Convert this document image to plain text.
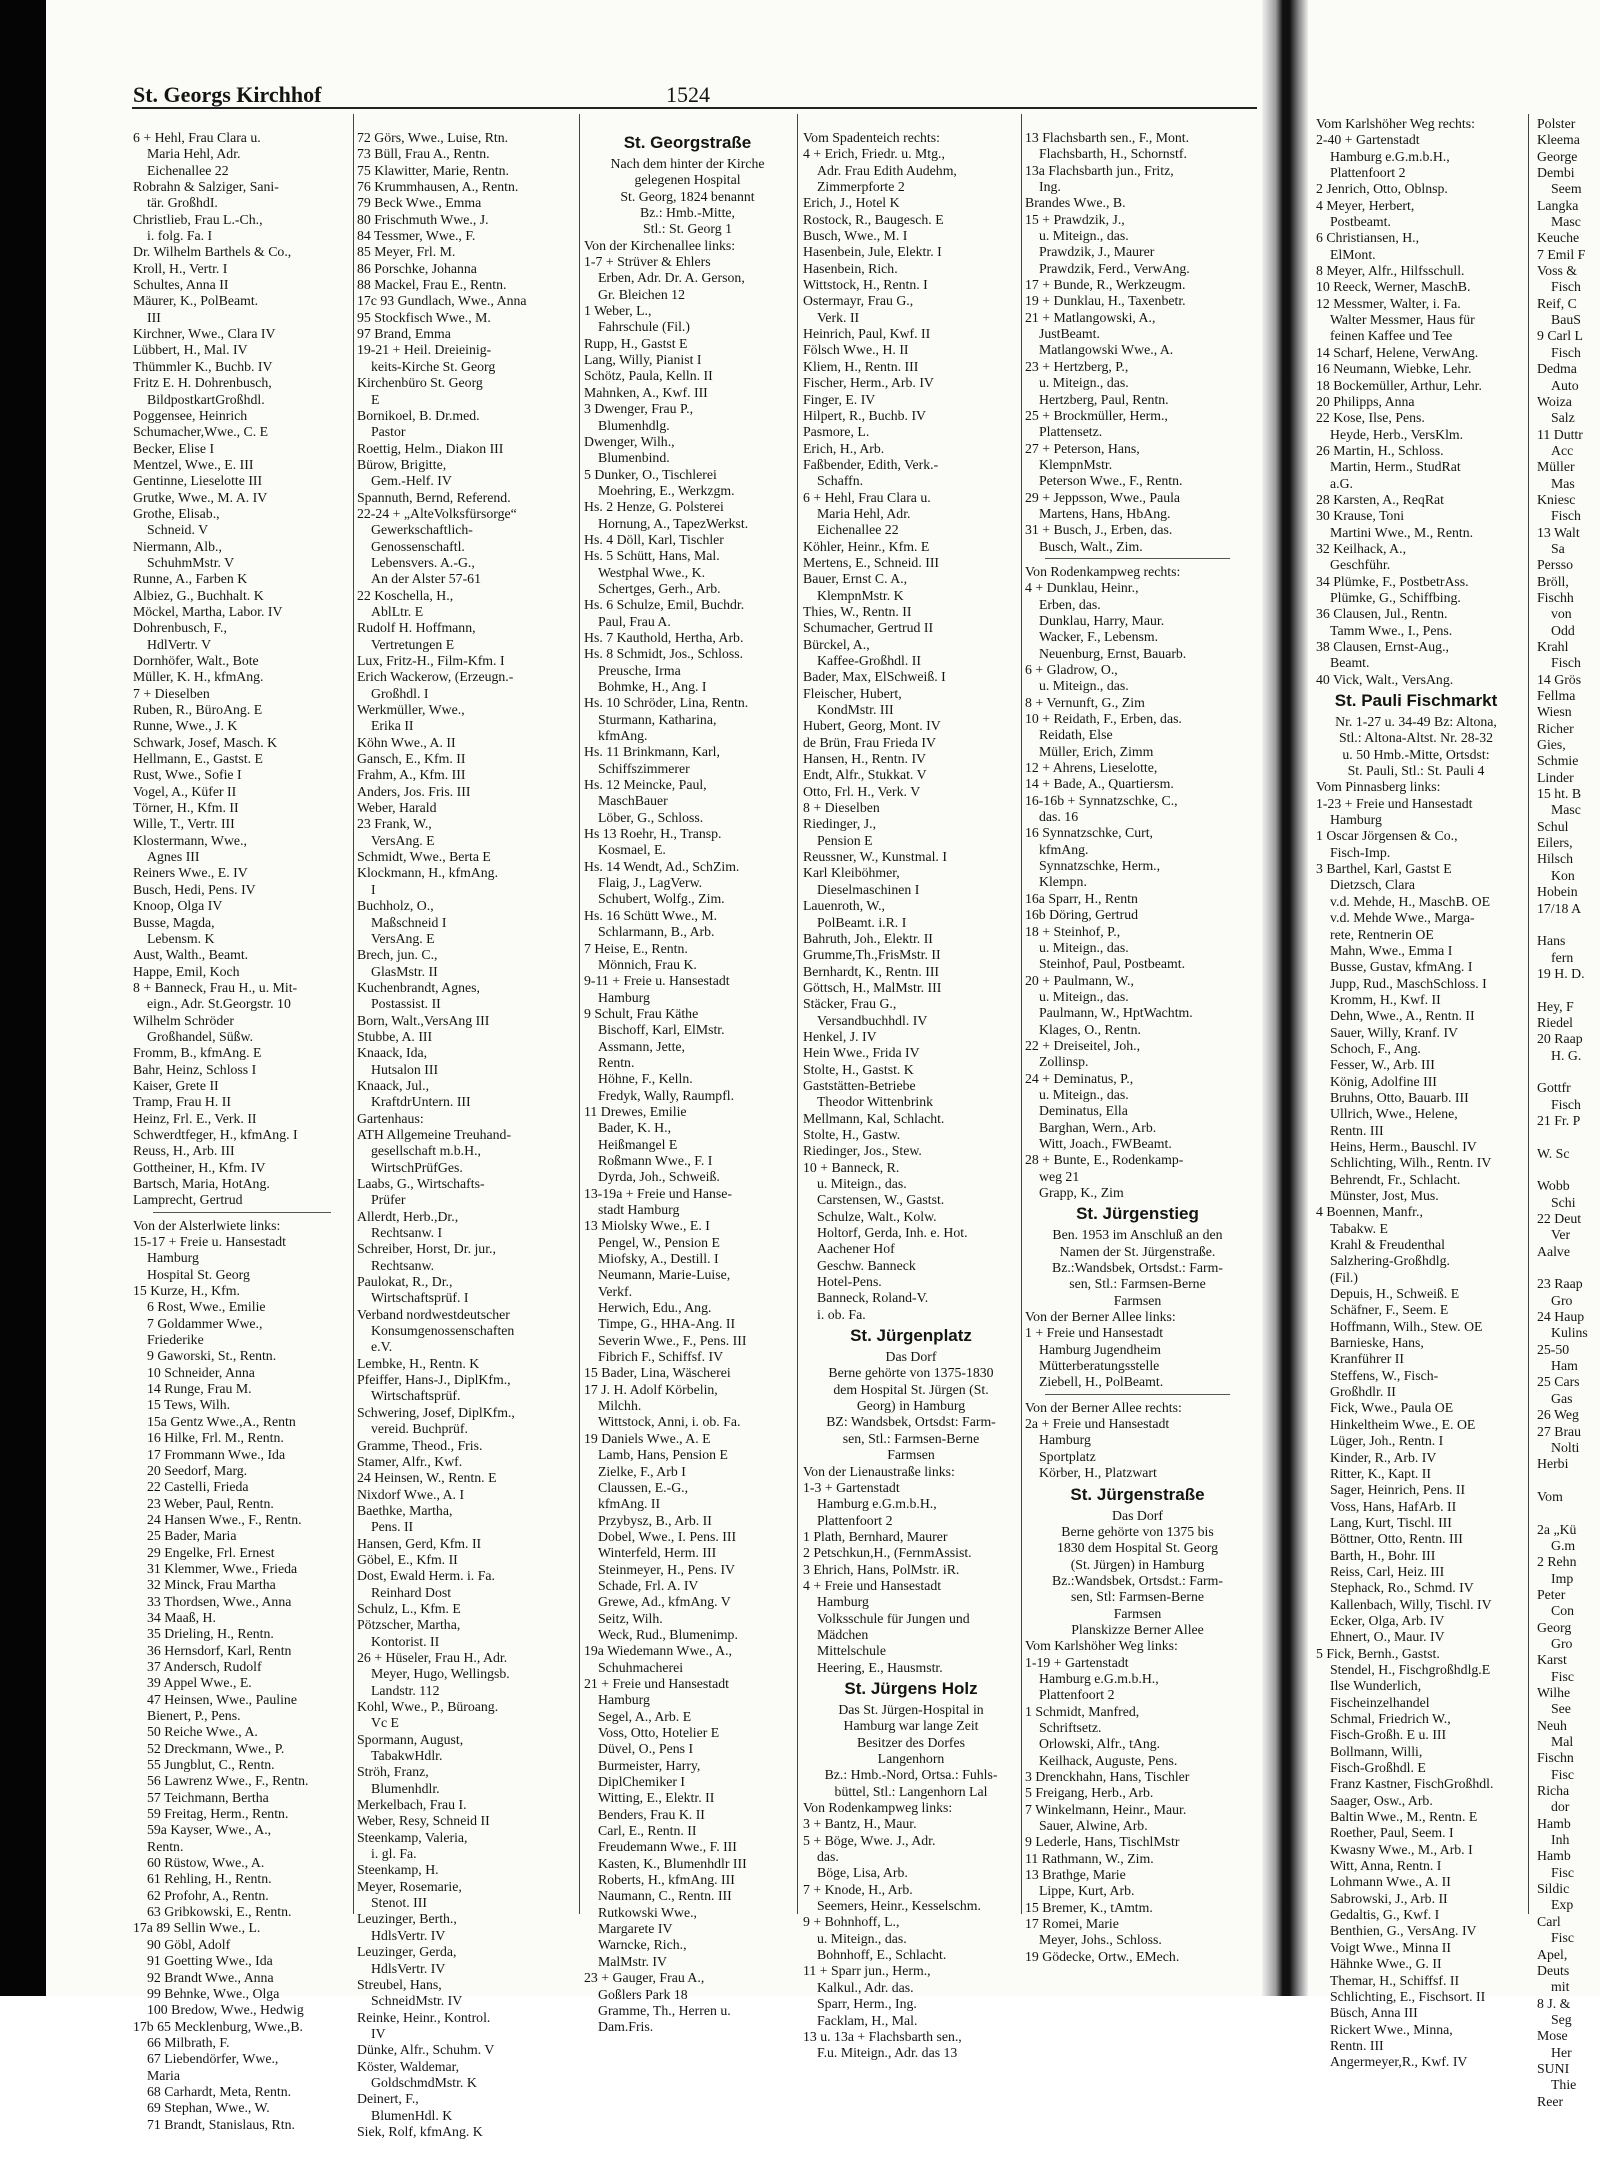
St. Georgs Kirchhof	1524
6 + Hehl, Frau Clara u.
Maria Hehl, Adr.
Eichenallee 22
Robrahn & Salziger, Sani-
tär. GroßhdI.
Christlieb, Frau L.-Ch.,
i. folg. Fa. I
Dr. Wilhelm Barthels & Co.,
Kroll, H., Vertr. I
Schultes, Anna II
Mäurer, K., PolBeamt.
III
Kirchner, Wwe., Clara IV
Lübbert, H., Mal. IV
Thümmler K., Buchb. IV
Fritz E. H. Dohrenbusch,
BildpostkartGroßhdl.
Poggensee, Heinrich
Schumacher,Wwe., C. E
Becker, Elise I
Mentzel, Wwe., E. III
Gentinne, Lieselotte III
Grutke, Wwe., M. A. IV
Grothe, Elisab.,
Schneid. V
Niermann, Alb.,
SchuhmMstr. V
Runne, A., Farben K
Albiez, G., Buchhalt. K
Möckel, Martha, Labor. IV
Dohrenbusch, F.,
HdlVertr. V
Dornhöfer, Walt., Bote
Müller, K. H., kfmAng.
7 + Dieselben
Ruben, R., BüroAng. E
Runne, Wwe., J. K
Schwark, Josef, Masch. K
Hellmann, E., Gastst. E
Rust, Wwe., Sofie I
Vogel, A., Küfer II
Törner, H., Kfm. II
Wille, T., Vertr. III
Klostermann, Wwe.,
Agnes III
Reiners Wwe., E. IV
Busch, Hedi, Pens. IV
Knoop, Olga IV
Busse, Magda,
Lebensm. K
Aust, Walth., Beamt.
Happe, Emil, Koch
8 + Banneck, Frau H., u. Mit-
eign., Adr. St.Georgstr. 10
Wilhelm Schröder
Großhandel, Süßw.
Fromm, B., kfmAng. E
Bahr, Heinz, Schloss I
Kaiser, Grete II
Tramp, Frau H. II
Heinz, Frl. E., Verk. II
Schwerdtfeger, H., kfmAng. I
Reuss, H., Arb. III
Gottheiner, H., Kfm. IV
Bartsch, Maria, HotAng.
Lamprecht, Gertrud
Von der Alsterlwiete links:
15-17 + Freie u. Hansestadt
Hamburg
Hospital St. Georg
15 Kurze, H., Kfm.
6 Rost, Wwe., Emilie
7 Goldammer Wwe.,
Friederike
9 Gaworski, St., Rentn.
10 Schneider, Anna
14 Runge, Frau M.
15 Tews, Wilh.
15a Gentz Wwe.,A., Rentn
16 Hilke, Frl. M., Rentn.
17 Frommann Wwe., Ida
20 Seedorf, Marg.
22 Castelli, Frieda
23 Weber, Paul, Rentn.
24 Hansen Wwe., F., Rentn.
25 Bader, Maria
29 Engelke, Frl. Ernest
31 Klemmer, Wwe., Frieda
32 Minck, Frau Martha
33 Thordsen, Wwe., Anna
34 Maaß, H.
35 Drieling, H., Rentn.
36 Hernsdorf, Karl, Rentn
37 Andersch, Rudolf
39 Appel Wwe., E.
47 Heinsen, Wwe., Pauline
Bienert, P., Pens.
50 Reiche Wwe., A.
52 Dreckmann, Wwe., P.
55 Jungblut, C., Rentn.
56 Lawrenz Wwe., F., Rentn.
57 Teichmann, Bertha
59 Freitag, Herm., Rentn.
59a Kayser, Wwe., A.,
Rentn.
60 Rüstow, Wwe., A.
61 Rehling, H., Rentn.
62 Profohr, A., Rentn.
63 Gribkowski, E., Rentn.
17a 89 Sellin Wwe., L.
90 Göbl, Adolf
91 Goetting Wwe., Ida
92 Brandt Wwe., Anna
99 Behnke, Wwe., Olga
100 Bredow, Wwe., Hedwig
17b 65 Mecklenburg, Wwe.,B.
66 Milbrath, F.
67 Liebendörfer, Wwe.,
Maria
68 Carhardt, Meta, Rentn.
69 Stephan, Wwe., W.
71 Brandt, Stanislaus, Rtn.
72 Görs, Wwe., Luise, Rtn.
73 Büll, Frau A., Rentn.
75 Klawitter, Marie, Rentn.
76 Krummhausen, A., Rentn.
79 Beck Wwe., Emma
80 Frischmuth Wwe., J.
84 Tessmer, Wwe., F.
85 Meyer, Frl. M.
86 Porschke, Johanna
88 Mackel, Frau E., Rentn.
17c 93 Gundlach, Wwe., Anna
95 Stockfisch Wwe., M.
97 Brand, Emma
19-21 + Heil. Dreieinig-
keits-Kirche St. Georg
Kirchenbüro St. Georg
E
Bornikoel, B. Dr.med.
Pastor
Roettig, Helm., Diakon III
Bürow, Brigitte,
Gem.-Helf. IV
Spannuth, Bernd, Referend.
22-24 + „AlteVolksfürsorge“
Gewerkschaftlich-
Genossenschaftl.
Lebensvers. A.-G.,
An der Alster 57-61
22 Koschella, H.,
AblLtr. E
Rudolf H. Hoffmann,
Vertretungen E
Lux, Fritz-H., Film-Kfm. I
Erich Wackerow, (Erzeugn.-
Großhdl. I
Werkmüller, Wwe.,
Erika II
Köhn Wwe., A. II
Gansch, E., Kfm. II
Frahm, A., Kfm. III
Anders, Jos. Fris. III
Weber, Harald
23 Frank, W.,
VersAng. E
Schmidt, Wwe., Berta E
Klockmann, H., kfmAng.
I
Buchholz, O.,
Maßschneid I
VersAng. E
Brech, jun. C.,
GlasMstr. II
Kuchenbrandt, Agnes,
Postassist. II
Born, Walt.,VersAng III
Stubbe, A. III
Knaack, Ida,
Hutsalon III
Knaack, Jul.,
KraftdrUntern. III
Gartenhaus:
ATH Allgemeine Treuhand-
gesellschaft m.b.H.,
WirtschPrüfGes.
Laabs, G., Wirtschafts-
Prüfer
Allerdt, Herb.,Dr.,
Rechtsanw. I
Schreiber, Horst, Dr. jur.,
Rechtsanw.
Paulokat, R., Dr.,
Wirtschaftsprüf. I
Verband nordwestdeutscher
Konsumgenossenschaften
e.V.
Lembke, H., Rentn. K
Pfeiffer, Hans-J., DiplKfm.,
Wirtschaftsprüf.
Schwering, Josef, DiplKfm.,
vereid. Buchprüf.
Gramme, Theod., Fris.
Stamer, Alfr., Kwf.
24 Heinsen, W., Rentn. E
Nixdorf Wwe., A. I
Baethke, Martha,
Pens. II
Hansen, Gerd, Kfm. II
Göbel, E., Kfm. II
Dost, Ewald Herm. i. Fa.
Reinhard Dost
Schulz, L., Kfm. E
Pötzscher, Martha,
Kontorist. II
26 + Hüseler, Frau H., Adr.
Meyer, Hugo, Wellingsb.
Landstr. 112
Kohl, Wwe., P., Büroang.
Vc E
Spormann, August,
TabakwHdlr.
Ströh, Franz,
Blumenhdlr.
Merkelbach, Frau I.
Weber, Resy, Schneid II
Steenkamp, Valeria,
i. gl. Fa.
Steenkamp, H.
Meyer, Rosemarie,
Stenot. III
Leuzinger, Berth.,
HdlsVertr. IV
Leuzinger, Gerda,
HdlsVertr. IV
Streubel, Hans,
SchneidMstr. IV
Reinke, Heinr., Kontrol.
IV
Dünke, Alfr., Schuhm. V
Köster, Waldemar,
GoldschmdMstr. K
Deinert, F.,
BlumenHdl. K
Siek, Rolf, kfmAng. K
St. Georgstraße
Nach dem hinter der Kirche
gelegenen Hospital
St. Georg, 1824 benannt
Bz.: Hmb.-Mitte,
Stl.: St. Georg 1
Von der Kirchenallee links:
1-7 + Strüver & Ehlers
Erben, Adr. Dr. A. Gerson,
Gr. Bleichen 12
1 Weber, L.,
Fahrschule (Fil.)
Rupp, H., Gastst E
Lang, Willy, Pianist I
Schötz, Paula, Kelln. II
Mahnken, A., Kwf. III
3 Dwenger, Frau P.,
Blumenhdlg.
Dwenger, Wilh.,
Blumenbind.
5 Dunker, O., Tischlerei
Moehring, E., Werkzgm.
Hs. 2 Henze, G. Polsterei
Hornung, A., TapezWerkst.
Hs. 4 Döll, Karl, Tischler
Hs. 5 Schütt, Hans, Mal.
Westphal Wwe., K.
Schertges, Gerh., Arb.
Hs. 6 Schulze, Emil, Buchdr.
Paul, Frau A.
Hs. 7 Kauthold, Hertha, Arb.
Hs. 8 Schmidt, Jos., Schloss.
Preusche, Irma
Bohmke, H., Ang. I
Hs. 10 Schröder, Lina, Rentn.
Sturmann, Katharina,
kfmAng.
Hs. 11 Brinkmann, Karl,
Schiffszimmerer
Hs. 12 Meincke, Paul,
MaschBauer
Löber, G., Schloss.
Hs 13 Roehr, H., Transp.
Kosmael, E.
Hs. 14 Wendt, Ad., SchZim.
Flaig, J., LagVerw.
Schubert, Wolfg., Zim.
Hs. 16 Schütt Wwe., M.
Schlarmann, B., Arb.
7 Heise, E., Rentn.
Mönnich, Frau K.
9-11 + Freie u. Hansestadt
Hamburg
9 Schult, Frau Käthe
Bischoff, Karl, ElMstr.
Assmann, Jette,
Rentn.
Höhne, F., Kelln.
Fredyk, Wally, Raumpfl.
11 Drewes, Emilie
Bader, K. H.,
Heißmangel E
Roßmann Wwe., F. I
Dyrda, Joh., Schweiß.
13-19a + Freie und Hanse-
stadt Hamburg
13 Miolsky Wwe., E. I
Pengel, W., Pension E
Miofsky, A., Destill. I
Neumann, Marie-Luise,
Verkf.
Herwich, Edu., Ang.
Timpe, G., HHA-Ang. II
Severin Wwe., F., Pens. III
Fibrich F., Schiffsf. IV
15 Bader, Lina, Wäscherei
17 J. H. Adolf Körbelin,
Milchh.
Wittstock, Anni, i. ob. Fa.
19 Daniels Wwe., A. E
Lamb, Hans, Pension E
Zielke, F., Arb I
Claussen, E.-G.,
kfmAng. II
Przybysz, B., Arb. II
Dobel, Wwe., I. Pens. III
Winterfeld, Herm. III
Steinmeyer, H., Pens. IV
Schade, Frl. A. IV
Grewe, Ad., kfmAng. V
Seitz, Wilh.
Weck, Rud., Blumenimp.
19a Wiedemann Wwe., A.,
Schuhmacherei
21 + Freie und Hansestadt
Hamburg
Segel, A., Arb. E
Voss, Otto, Hotelier E
Düvel, O., Pens I
Burmeister, Harry,
DiplChemiker I
Witting, E., Elektr. II
Benders, Frau K. II
Carl, E., Rentn. II
Freudemann Wwe., F. III
Kasten, K., Blumenhdlr III
Roberts, H., kfmAng. III
Naumann, C., Rentn. III
Rutkowski Wwe.,
Margarete IV
Warncke, Rich.,
MalMstr. IV
23 + Gauger, Frau A.,
Goßlers Park 18
Gramme, Th., Herren u.
Dam.Fris.
Vom Spadenteich rechts:
4 + Erich, Friedr. u. Mtg.,
Adr. Frau Edith Audehm,
Zimmerpforte 2
Erich, J., Hotel K
Rostock, R., Baugesch. E
Busch, Wwe., M. I
Hasenbein, Jule, Elektr. I
Hasenbein, Rich.
Wittstock, H., Rentn. I
Ostermayr, Frau G.,
Verk. II
Heinrich, Paul, Kwf. II
Fölsch Wwe., H. II
Kliem, H., Rentn. III
Fischer, Herm., Arb. IV
Finger, E. IV
Hilpert, R., Buchb. IV
Pasmore, L.
Erich, H., Arb.
Faßbender, Edith, Verk.-
Schaffn.
6 + Hehl, Frau Clara u.
Maria Hehl, Adr.
Eichenallee 22
Köhler, Heinr., Kfm. E
Mertens, E., Schneid. III
Bauer, Ernst C. A.,
KlempnMstr. K
Thies, W., Rentn. II
Schumacher, Gertrud II
Bürckel, A.,
Kaffee-Großhdl. II
Bader, Max, ElSchweiß. I
Fleischer, Hubert,
KondMstr. III
Hubert, Georg, Mont. IV
de Brün, Frau Frieda IV
Hansen, H., Rentn. IV
Endt, Alfr., Stukkat. V
Otto, Frl. H., Verk. V
8 + Dieselben
Riedinger, J.,
Pension E
Reussner, W., Kunstmal. I
Karl Kleiböhmer,
Dieselmaschinen I
Lauenroth, W.,
PolBeamt. i.R. I
Bahruth, Joh., Elektr. II
Grumme,Th.,FrisMstr. II
Bernhardt, K., Rentn. III
Göttsch, H., MalMstr. III
Stäcker, Frau G.,
Versandbuchhdl. IV
Henkel, J. IV
Hein Wwe., Frida IV
Stolte, H., Gastst. K
Gaststätten-Betriebe
Theodor Wittenbrink
Mellmann, Kal, Schlacht.
Stolte, H., Gastw.
Riedinger, Jos., Stew.
10 + Banneck, R.
u. Miteign., das.
Carstensen, W., Gastst.
Schulze, Walt., Kolw.
Holtorf, Gerda, Inh. e. Hot.
Aachener Hof
Geschw. Banneck
Hotel-Pens.
Banneck, Roland-V.
i. ob. Fa.
St. Jürgenplatz
Das Dorf
Berne gehörte von 1375-1830
dem Hospital St. Jürgen (St.
Georg) in Hamburg
BZ: Wandsbek, Ortsdst: Farm-
sen, Stl.: Farmsen-Berne
Farmsen
Von der Lienaustraße links:
1-3 + Gartenstadt
Hamburg e.G.m.b.H.,
Plattenfoort 2
1 Plath, Bernhard, Maurer
2 Petschkun,H., (FernmAssist.
3 Ehrich, Hans, PolMstr. iR.
4 + Freie und Hansestadt
Hamburg
Volksschule für Jungen und
Mädchen
Mittelschule
Heering, E., Hausmstr.
St. Jürgens Holz
Das St. Jürgen-Hospital in
Hamburg war lange Zeit
Besitzer des Dorfes
Langenhorn
Bz.: Hmb.-Nord, Ortsa.: Fuhls-
büttel, Stl.: Langenhorn Lal
Von Rodenkampweg links:
3 + Bantz, H., Maur.
5 + Böge, Wwe. J., Adr.
das.
Böge, Lisa, Arb.
7 + Knode, H., Arb.
Seemers, Heinr., Kesselschm.
9 + Bohnhoff, L.,
u. Miteign., das.
Bohnhoff, E., Schlacht.
11 + Sparr jun., Herm.,
Kalkul., Adr. das.
Sparr, Herm., Ing.
Facklam, H., Mal.
13 u. 13a + Flachsbarth sen.,
F.u. Miteign., Adr. das 13
13 Flachsbarth sen., F., Mont.
Flachsbarth, H., Schornstf.
13a Flachsbarth jun., Fritz,
Ing.
Brandes Wwe., B.
15 + Prawdzik, J.,
u. Miteign., das.
Prawdzik, J., Maurer
Prawdzik, Ferd., VerwAng.
17 + Bunde, R., Werkzeugm.
19 + Dunklau, H., Taxenbetr.
21 + Matlangowski, A.,
JustBeamt.
Matlangowski Wwe., A.
23 + Hertzberg, P.,
u. Miteign., das.
Hertzberg, Paul, Rentn.
25 + Brockmüller, Herm.,
Plattensetz.
27 + Peterson, Hans,
KlempnMstr.
Peterson Wwe., F., Rentn.
29 + Jeppsson, Wwe., Paula
Martens, Hans, HbAng.
31 + Busch, J., Erben, das.
Busch, Walt., Zim.
Von Rodenkampweg rechts:
4 + Dunklau, Heinr.,
Erben, das.
Dunklau, Harry, Maur.
Wacker, F., Lebensm.
Neuenburg, Ernst, Bauarb.
6 + Gladrow, O.,
u. Miteign., das.
8 + Vernunft, G., Zim
10 + Reidath, F., Erben, das.
Reidath, Else
Müller, Erich, Zimm
12 + Ahrens, Lieselotte,
14 + Bade, A., Quartiersm.
16-16b + Synnatzschke, C.,
das. 16
16 Synnatzschke, Curt,
kfmAng.
Synnatzschke, Herm.,
Klempn.
16a Sparr, H., Rentn
16b Döring, Gertrud
18 + Steinhof, P.,
u. Miteign., das.
Steinhof, Paul, Postbeamt.
20 + Paulmann, W.,
u. Miteign., das.
Paulmann, W., HptWachtm.
Klages, O., Rentn.
22 + Dreiseitel, Joh.,
Zollinsp.
24 + Deminatus, P.,
u. Miteign., das.
Deminatus, Ella
Barghan, Wern., Arb.
Witt, Joach., FWBeamt.
28 + Bunte, E., Rodenkamp-
weg 21
Grapp, K., Zim
St. Jürgenstieg
Ben. 1953 im Anschluß an den
Namen der St. Jürgenstraße.
Bz.:Wandsbek, Ortsdst.: Farm-
sen, Stl.: Farmsen-Berne
Farmsen
Von der Berner Allee links:
1 + Freie und Hansestadt
Hamburg Jugendheim
Mütterberatungsstelle
Ziebell, H., PolBeamt.
Von der Berner Allee rechts:
2a + Freie und Hansestadt
Hamburg
Sportplatz
Körber, H., Platzwart
St. Jürgenstraße
Das Dorf
Berne gehörte von 1375 bis
1830 dem Hospital St. Georg
(St. Jürgen) in Hamburg
Bz.:Wandsbek, Ortsdst.: Farm-
sen, Stl: Farmsen-Berne
Farmsen
Planskizze Berner Allee
Vom Karlshöher Weg links:
1-19 + Gartenstadt
Hamburg e.G.m.b.H.,
Plattenfoort 2
1 Schmidt, Manfred,
Schriftsetz.
Orlowski, Alfr., tAng.
Keilhack, Auguste, Pens.
3 Drenckhahn, Hans, Tischler
5 Freigang, Herb., Arb.
7 Winkelmann, Heinr., Maur.
Sauer, Alwine, Arb.
9 Lederle, Hans, TischlMstr
11 Rathmann, W., Zim.
13 Brathge, Marie
Lippe, Kurt, Arb.
15 Bremer, K., tAmtm.
17 Romei, Marie
Meyer, Johs., Schloss.
19 Gödecke, Ortw., EMech.
Vom Karlshöher Weg rechts:
2-40 + Gartenstadt
Hamburg e.G.m.b.H.,
Plattenfoort 2
2 Jenrich, Otto, Oblnsp.
4 Meyer, Herbert,
Postbeamt.
6 Christiansen, H.,
ElMont.
8 Meyer, Alfr., Hilfsschull.
10 Reeck, Werner, MaschB.
12 Messmer, Walter, i. Fa.
Walter Messmer, Haus für
feinen Kaffee und Tee
14 Scharf, Helene, VerwAng.
16 Neumann, Wiebke, Lehr.
18 Bockemüller, Arthur, Lehr.
20 Philipps, Anna
22 Kose, Ilse, Pens.
Heyde, Herb., VersKlm.
26 Martin, H., Schloss.
Martin, Herm., StudRat
a.G.
28 Karsten, A., ReqRat
30 Krause, Toni
Martini Wwe., M., Rentn.
32 Keilhack, A.,
Geschführ.
34 Plümke, F., PostbetrAss.
Plümke, G., Schiffbing.
36 Clausen, Jul., Rentn.
Tamm Wwe., I., Pens.
38 Clausen, Ernst-Aug.,
Beamt.
40 Vick, Walt., VersAng.
St. Pauli Fischmarkt
Nr. 1-27 u. 34-49 Bz: Altona,
Stl.: Altona-Altst. Nr. 28-32
u. 50 Hmb.-Mitte, Ortsdst:
St. Pauli, Stl.: St. Pauli 4
Vom Pinnasberg links:
1-23 + Freie und Hansestadt
Hamburg
1 Oscar Jörgensen & Co.,
Fisch-Imp.
3 Barthel, Karl, Gastst E
Dietzsch, Clara
v.d. Mehde, H., MaschB. OE
v.d. Mehde Wwe., Marga-
rete, Rentnerin OE
Mahn, Wwe., Emma I
Busse, Gustav, kfmAng. I
Jupp, Rud., MaschSchloss. I
Kromm, H., Kwf. II
Dehn, Wwe., A., Rentn. II
Sauer, Willy, Kranf. IV
Schoch, F., Ang.
Fesser, W., Arb. III
König, Adolfine III
Bruhns, Otto, Bauarb. III
Ullrich, Wwe., Helene,
Rentn. III
Heins, Herm., Bauschl. IV
Schlichting, Wilh., Rentn. IV
Behrendt, Fr., Schlacht.
Münster, Jost, Mus.
4 Boennen, Manfr.,
Tabakw. E
Krahl & Freudenthal
Salzhering-Großhdlg.
(Fil.)
Depuis, H., Schweiß. E
Schäfner, F., Seem. E
Hoffmann, Wilh., Stew. OE
Barnieske, Hans,
Kranführer II
Steffens, W., Fisch-
Großhdlr. II
Fick, Wwe., Paula OE
Hinkeltheim Wwe., E. OE
Lüger, Joh., Rentn. I
Kinder, R., Arb. IV
Ritter, K., Kapt. II
Sager, Heinrich, Pens. II
Voss, Hans, HafArb. II
Lang, Kurt, Tischl. III
Böttner, Otto, Rentn. III
Barth, H., Bohr. III
Reiss, Carl, Heiz. III
Stephack, Ro., Schmd. IV
Kallenbach, Willy, Tischl. IV
Ecker, Olga, Arb. IV
Ehnert, O., Maur. IV
5 Fick, Bernh., Gastst.
Stendel, H., Fischgroßhdlg.E
Ilse Wunderlich,
Fischeinzelhandel
Schmal, Friedrich W.,
Fisch-Großh. E u. III
Bollmann, Willi,
Fisch-Großhdl. E
Franz Kastner, FischGroßhdl.
Saager, Osw., Arb.
Baltin Wwe., M., Rentn. E
Roether, Paul, Seem. I
Kwasny Wwe., M., Arb. I
Witt, Anna, Rentn. I
Lohmann Wwe., A. II
Sabrowski, J., Arb. II
Gedaltis, G., Kwf. I
Benthien, G., VersAng. IV
Voigt Wwe., Minna II
Hähnke Wwe., G. II
Themar, H., Schiffsf. II
Schlichting, E., Fischsort. II
Büsch, Anna III
Rickert Wwe., Minna,
Rentn. III
Angermeyer,R., Kwf. IV
Polster
Kleema
George
Dembi
Seem
Langka
Masc
Keuche
7 Emil F
Voss &
Fisch
Reif, C
BauS
9 Carl L
Fisch
Dedma
Auto
Woiza
Salz
11 Duttr
Acc
Müller
Mas
Kniesc
Fisch
13 Walt
Sa
Persso
Bröll,
Fischh
von
Odd
Krahl
Fisch
14 Grös
Fellma
Wiesn
Richer
Gies,
Schmie
Linder
15 ht. B
Masc
Schul
Eilers,
Hilsch
Kon
Hobein
17/18 A
Hans
fern
19 H. D.
Hey, F
Riedel
20 Raap
H. G.
Gottfr
Fisch
21 Fr. P
W. Sc
Wobb
Schi
22 Deut
Ver
Aalve
23 Raap
Gro
24 Haup
Kulins
25-50
Ham
25 Cars
Gas
26 Weg
27 Brau
Nolti
Herbi
Vom
2a „Kü
G.m
2 Rehn
Imp
Peter
Con
Georg
Gro
Karst
Fisc
Wilhe
See
Neuh
Mal
Fischn
Fisc
Richa
dor
Hamb
Inh
Hamb
Fisc
Sildic
Exp
Carl
Fisc
Apel,
Deuts
mit
8 J. &
Seg
Mose
Her
SUNI
Thie
Reer
